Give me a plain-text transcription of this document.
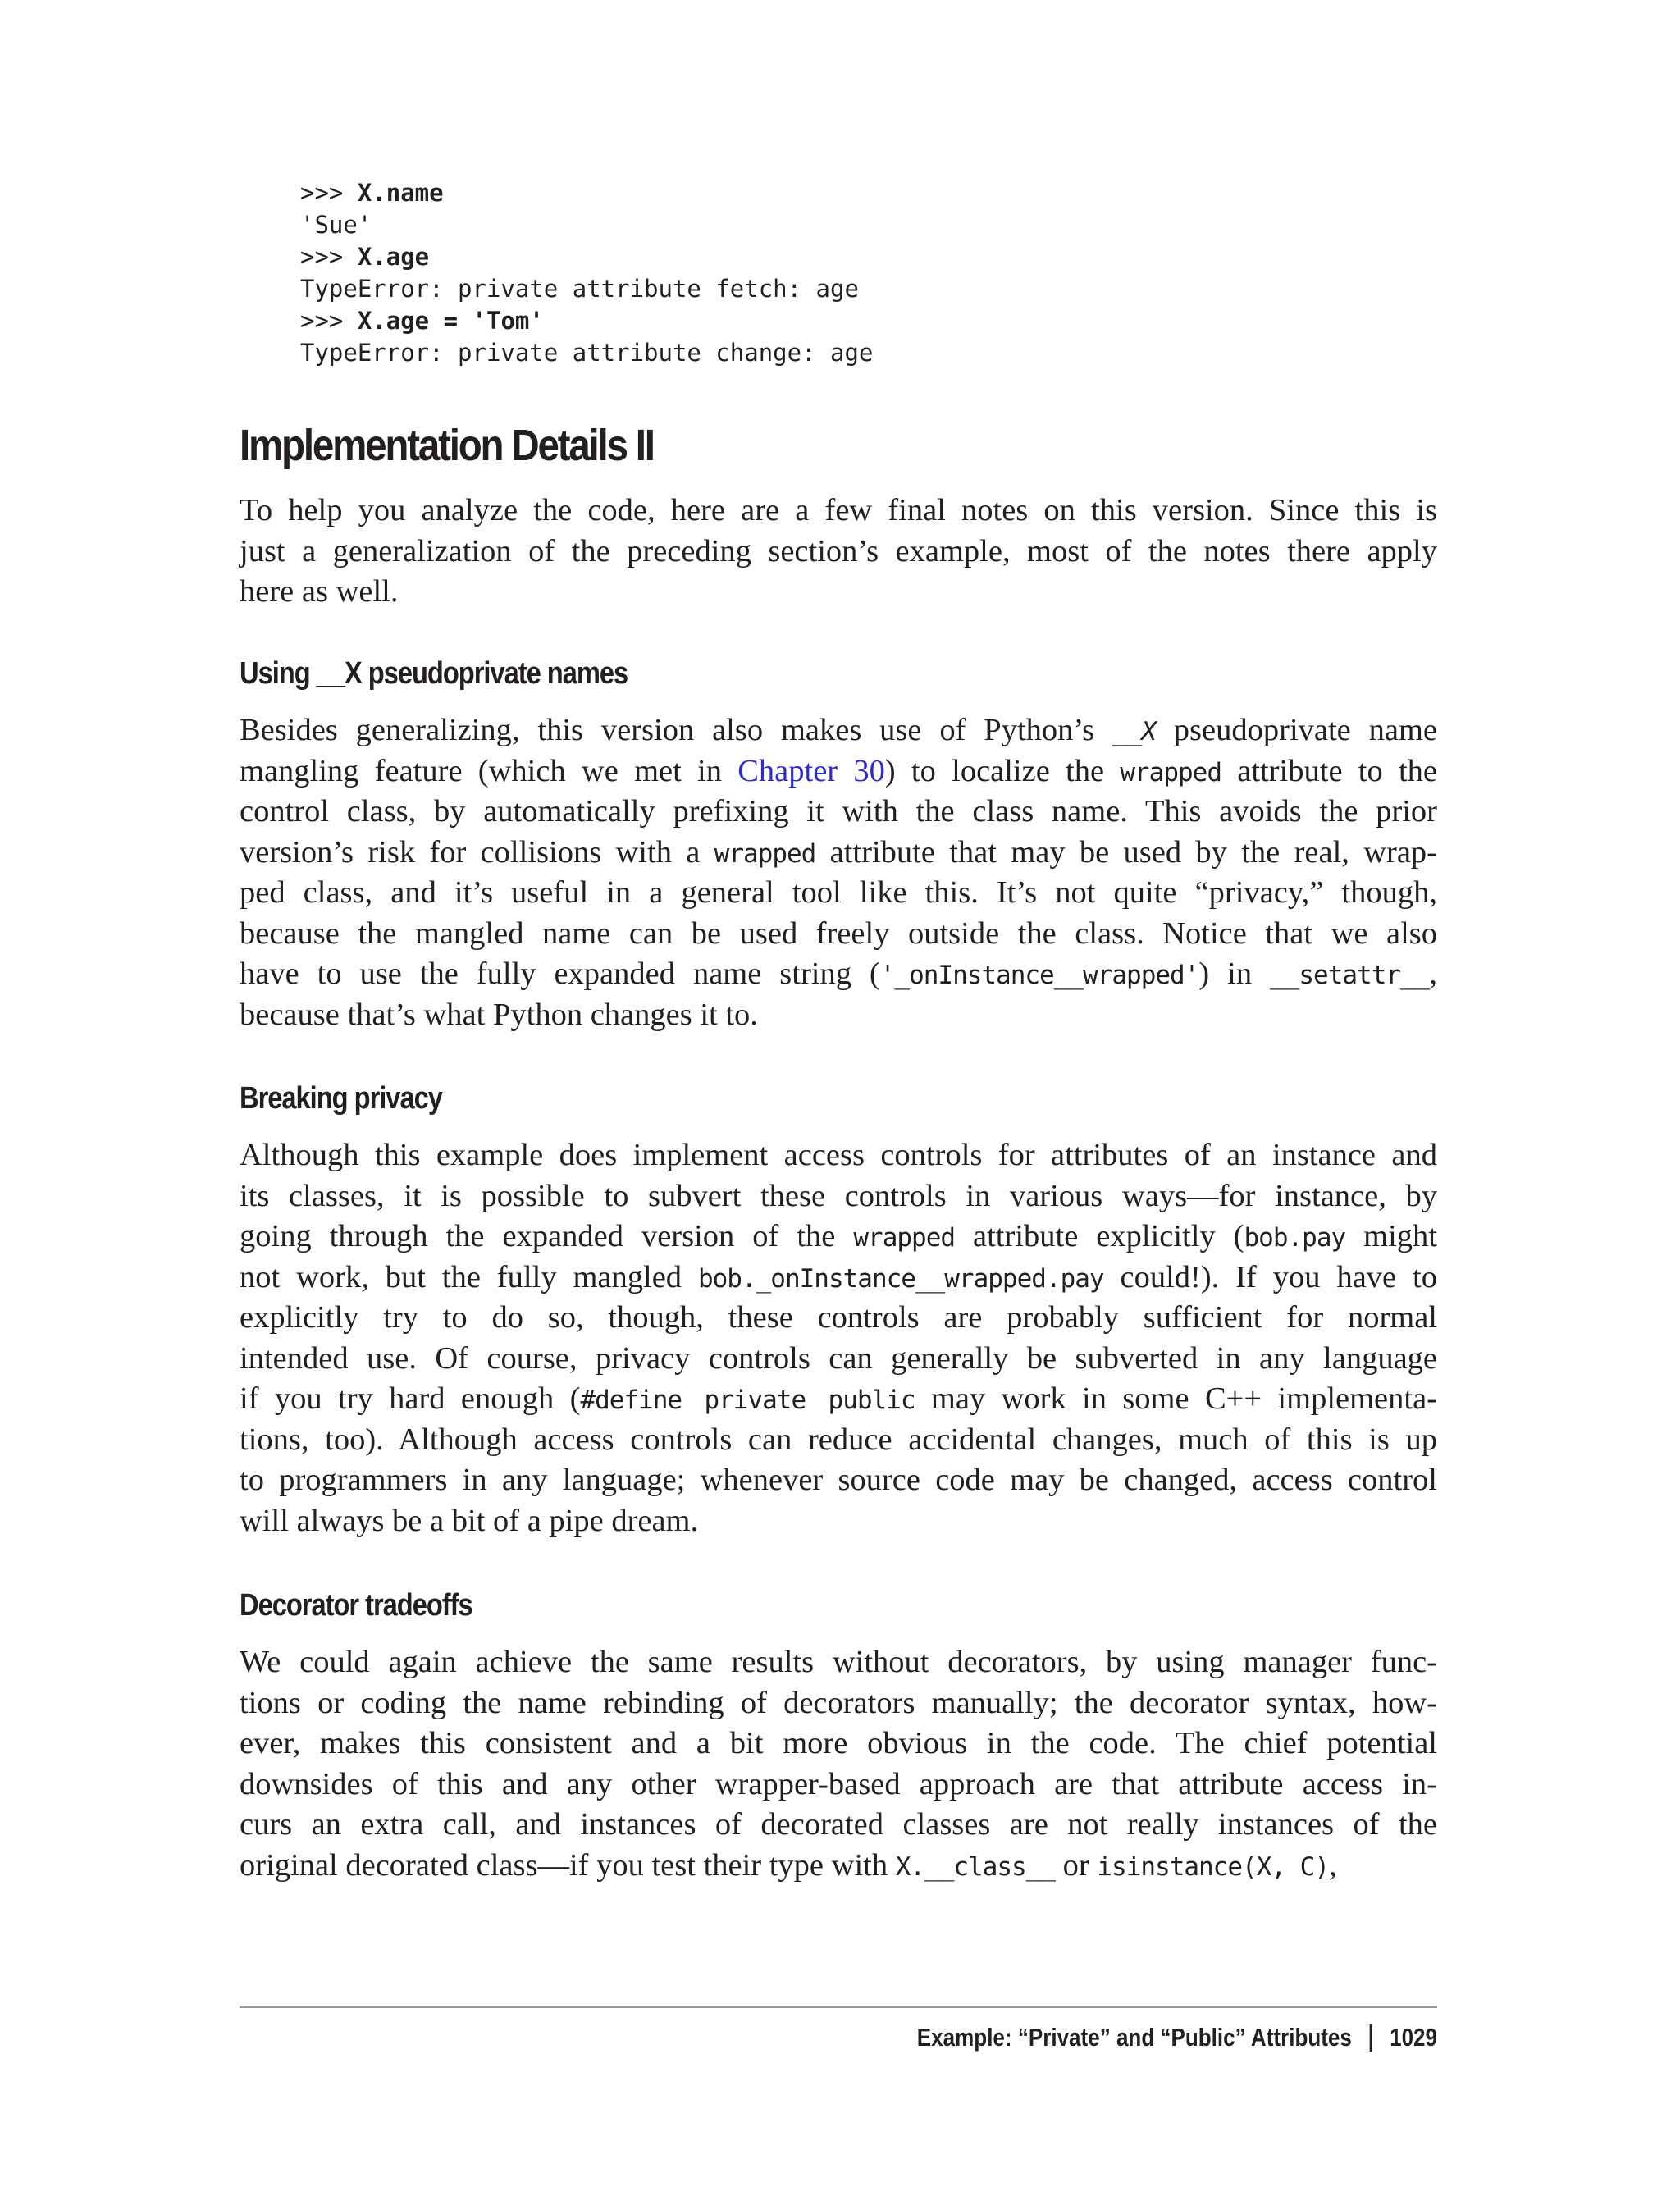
>>> X.name
'Sue'
>>> X.age
TypeError: private attribute fetch: age
>>> X.age = 'Tom'
TypeError: private attribute change: age
Implementation Details II
To help you analyze the code, here are a few final notes on this version. Since this is
just a generalization of the preceding section’s example, most of the notes there apply
here as well.
Using __X pseudoprivate names
Besides generalizing, this version also makes use of Python’s __X pseudoprivate name
mangling feature (which we met in Chapter 30) to localize the wrapped attribute to the
control class, by automatically prefixing it with the class name. This avoids the prior
version’s risk for collisions with a wrapped attribute that may be used by the real, wrap-
ped class, and it’s useful in a general tool like this. It’s not quite “privacy,” though,
because the mangled name can be used freely outside the class. Notice that we also
have to use the fully expanded name string ('_onInstance__wrapped') in __setattr__,
because that’s what Python changes it to.
Breaking privacy
Although this example does implement access controls for attributes of an instance and
its classes, it is possible to subvert these controls in various ways—for instance, by
going through the expanded version of the wrapped attribute explicitly (bob.pay might
not work, but the fully mangled bob._onInstance__wrapped.pay could!). If you have to
explicitly try to do so, though, these controls are probably sufficient for normal
intended use. Of course, privacy controls can generally be subverted in any language
if you try hard enough (#define private public may work in some C++ implementa-
tions, too). Although access controls can reduce accidental changes, much of this is up
to programmers in any language; whenever source code may be changed, access control
will always be a bit of a pipe dream.
Decorator tradeoffs
We could again achieve the same results without decorators, by using manager func-
tions or coding the name rebinding of decorators manually; the decorator syntax, how-
ever, makes this consistent and a bit more obvious in the code. The chief potential
downsides of this and any other wrapper-based approach are that attribute access in-
curs an extra call, and instances of decorated classes are not really instances of the
original decorated class—if you test their type with X.__class__ or isinstance(X, C),
Example: “Private” and “Public” Attributes 1029
